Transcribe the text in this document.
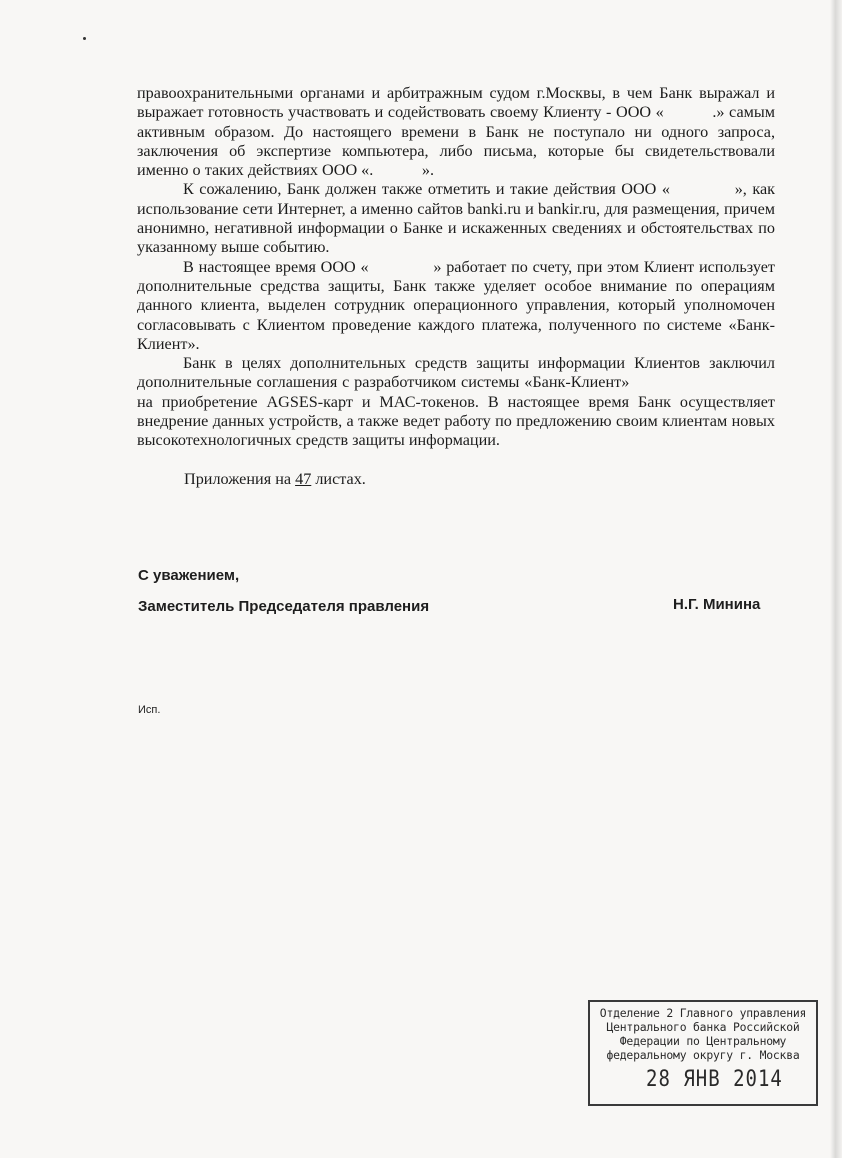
правоохранительными органами и арбитражным судом г.Москвы, в чем Банк выражал и выражает готовность участвовать и содействовать своему Клиенту - ООО «   .» самым активным образом. До настоящего времени в Банк не поступало ни одного запроса, заключения об экспертизе компьютера, либо письма, которые бы свидетельствовали именно о таких действиях ООО «.   ».

К сожалению, Банк должен также отметить и такие действия ООО «    », как использование сети Интернет, а именно сайтов banki.ru и bankir.ru, для размещения, причем анонимно, негативной информации о Банке и искаженных сведениях и обстоятельствах по указанному выше событию.

В настоящее время ООО «    » работает по счету, при этом Клиент использует дополнительные средства защиты, Банк также уделяет особое внимание по операциям данного клиента, выделен сотрудник операционного управления, который уполномочен согласовывать с Клиентом проведение каждого платежа, полученного по системе «Банк-Клиент».

Банк в целях дополнительных средств защиты информации Клиентов заключил дополнительные соглашения с разработчиком системы «Банк-Клиент»          на приобретение AGSES-карт и МАС-токенов. В настоящее время Банк осуществляет внедрение данных устройств, а также ведет работу по предложению своим клиентам новых высокотехнологичных средств защиты информации.

Приложения на 47 листах.
С уважением,
Заместитель Председателя правления	Н.Г. Минина
Исп.
Отделение 2 Главного управления
Центрального банка Российской
Федерации по Центральному
федеральному округу г. Москва
28 ЯНВ 2014
